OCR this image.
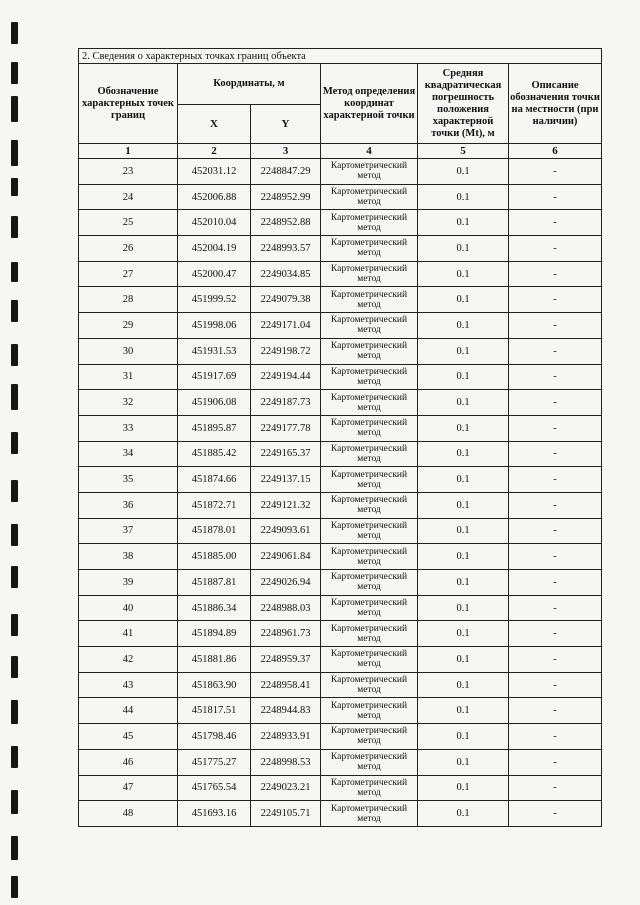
2. Сведения о характерных точках границ объекта					
Обозначение характерных точек границ	Координаты, м		Метод определения координат характерной точки	Средняя квадратическая погрешность положения характерной точки (Mt), м	Описание обозначения точки на местности (при наличии)
	X	Y			
1	2	3	4	5	6
23	452031.12	2248847.29	Картометрический метод	0.1	-
24	452006.88	2248952.99	Картометрический метод	0.1	-
25	452010.04	2248952.88	Картометрический метод	0.1	-
26	452004.19	2248993.57	Картометрический метод	0.1	-
27	452000.47	2249034.85	Картометрический метод	0.1	-
28	451999.52	2249079.38	Картометрический метод	0.1	-
29	451998.06	2249171.04	Картометрический метод	0.1	-
30	451931.53	2249198.72	Картометрический метод	0.1	-
31	451917.69	2249194.44	Картометрический метод	0.1	-
32	451906.08	2249187.73	Картометрический метод	0.1	-
33	451895.87	2249177.78	Картометрический метод	0.1	-
34	451885.42	2249165.37	Картометрический метод	0.1	-
35	451874.66	2249137.15	Картометрический метод	0.1	-
36	451872.71	2249121.32	Картометрический метод	0.1	-
37	451878.01	2249093.61	Картометрический метод	0.1	-
38	451885.00	2249061.84	Картометрический метод	0.1	-
39	451887.81	2249026.94	Картометрический метод	0.1	-
40	451886.34	2248988.03	Картометрический метод	0.1	-
41	451894.89	2248961.73	Картометрический метод	0.1	-
42	451881.86	2248959.37	Картометрический метод	0.1	-
43	451863.90	2248958.41	Картометрический метод	0.1	-
44	451817.51	2248944.83	Картометрический метод	0.1	-
45	451798.46	2248933.91	Картометрический метод	0.1	-
46	451775.27	2248998.53	Картометрический метод	0.1	-
47	451765.54	2249023.21	Картометрический метод	0.1	-
48	451693.16	2249105.71	Картометрический метод	0.1	-
